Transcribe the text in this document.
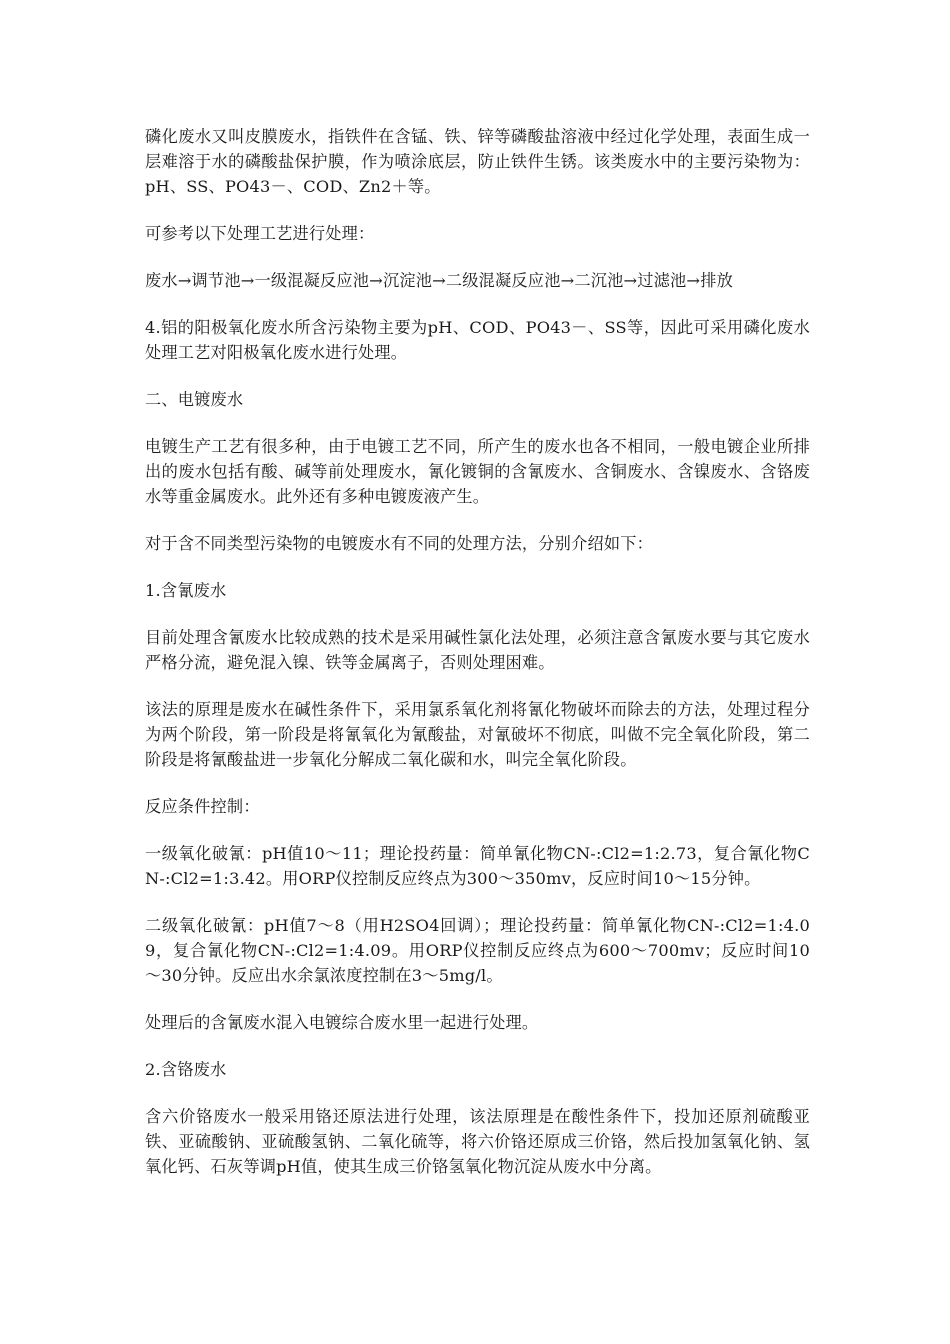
磷化废水又叫皮膜废水，指铁件在含锰、铁、锌等磷酸盐溶液中经过化学处理，表面生成一层难溶于水的磷酸盐保护膜，作为喷涂底层，防止铁件生锈。该类废水中的主要污染物为：pH、SS、PO43－、COD、Zn2＋等。

可参考以下处理工艺进行处理：

废水→调节池→一级混凝反应池→沉淀池→二级混凝反应池→二沉池→过滤池→排放

4.铝的阳极氧化废水所含污染物主要为pH、COD、PO43－、SS等，因此可采用磷化废水处理工艺对阳极氧化废水进行处理。

二、电镀废水

电镀生产工艺有很多种，由于电镀工艺不同，所产生的废水也各不相同，一般电镀企业所排出的废水包括有酸、碱等前处理废水，氰化镀铜的含氰废水、含铜废水、含镍废水、含铬废水等重金属废水。此外还有多种电镀废液产生。

对于含不同类型污染物的电镀废水有不同的处理方法，分别介绍如下：

1.含氰废水

目前处理含氰废水比较成熟的技术是采用碱性氯化法处理，必须注意含氰废水要与其它废水严格分流，避免混入镍、铁等金属离子，否则处理困难。

该法的原理是废水在碱性条件下，采用氯系氧化剂将氰化物破坏而除去的方法，处理过程分为两个阶段，第一阶段是将氰氧化为氰酸盐，对氰破坏不彻底，叫做不完全氧化阶段，第二阶段是将氰酸盐进一步氧化分解成二氧化碳和水，叫完全氧化阶段。

反应条件控制：

一级氧化破氰：pH值10～11；理论投药量：简单氰化物CN-:Cl2=1:2.73，复合氰化物CN-:Cl2=1:3.42。用ORP仪控制反应终点为300～350mv，反应时间10～15分钟。

二级氧化破氰：pH值7～8（用H2SO4回调）；理论投药量：简单氰化物CN-:Cl2=1:4.09，复合氰化物CN-:Cl2=1:4.09。用ORP仪控制反应终点为600～700mv；反应时间10～30分钟。反应出水余氯浓度控制在3～5mg/l。

处理后的含氰废水混入电镀综合废水里一起进行处理。

2.含铬废水

含六价铬废水一般采用铬还原法进行处理，该法原理是在酸性条件下，投加还原剂硫酸亚铁、亚硫酸钠、亚硫酸氢钠、二氧化硫等，将六价铬还原成三价铬，然后投加氢氧化钠、氢氧化钙、石灰等调pH值，使其生成三价铬氢氧化物沉淀从废水中分离。
